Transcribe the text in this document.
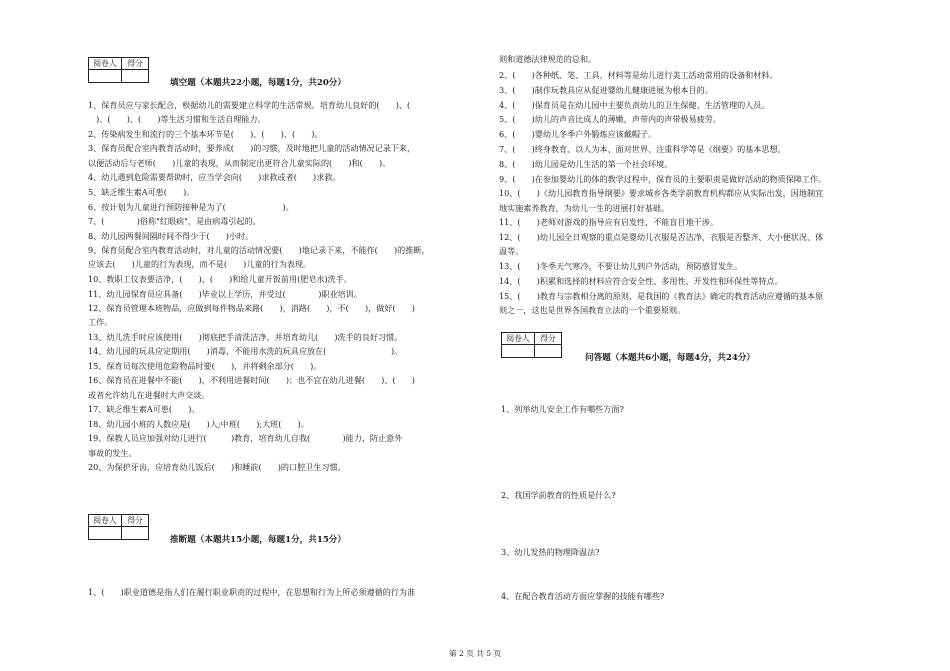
阅卷人	得分

填空题（本题共22小题，每题1分，共20分）
1、保育员应与家长配合，根据幼儿的需要建立科学的生活常规。培育幼儿良好的(　　)、(
　)、(　　)、(　　)等生活习惯和生活自理能力。
2、传染病发生和流行的三个基本环节是(　　)、(　　)、(　　)。
3、保育员配合室内教育活动时，要养成(　　)的习惯，及时地把儿童的活动情况记录下来，
以便活动后与老师(　　)儿童的表现，从而制定出更符合儿童实际的(　　)和(　　)。
4、幼儿遇到危险需要帮助时，应当学会向(　　)求救或者(　　)求救。
5、缺乏维生素A可患(　　)。
6、按计划为儿童进行预防接种是为了(　　　　　　　)。
7、(　　　　)俗称"红眼病"，是由病毒引起的。
8、幼儿园两餐间隔时间不得少于(　　)小时。
9、保育员配合室内教育活动时，对儿童的活动情况要(　　)地记录下来，不能作(　　)的推断，
应该去(　　)儿童的行为表现，而不是(　　)儿童的行为表现。
10、教职工仪表要洁净，(　　)、(　　)和给儿童开饭前用(肥皂水)洗手。
11、幼儿园保育员应具备(　　)毕业以上学历，并受过(　　　　)职业培训。
12、保育员管理本班物品，应做到每件物品来路(　　)，消路(　　)，不(　　)，做好(　　)
工作。
13、幼儿洗手时应该使用(　　)彻底把手清洗洁净，并培育幼儿(　　)洗手的良好习惯。
14、幼儿园的玩具应定期用(　　)消毒，不能用水洗的玩具应放在(　　　　　　　　)。
15、保育员每次使用危险物品时要(　　)，并将剩余部分(　　)。
16、保育员在进餐中不能(　　)，不利用进餐时间(　　)；也不宜在幼儿进餐(　　)、(　　)
或者允许幼儿在进餐时大声交谈。
17、缺乏维生素A可患(　　)。
18、幼儿园小班的人数应是(　　)人;中班(　　);大班(　　)。
19、保教人员应加强对幼儿进行(　　　)教育，培育幼儿自我(　　　　)能力，防止意外
事故的发生。
20、为保护牙齿，应培育幼儿饭后(　　)和睡前(　　)的口腔卫生习惯。
阅卷人	得分

推断题（本题共15小题，每题1分，共15分）
1、(　　)职业道德是指人们在履行职业职责的过程中，在思想和行为上所必须遵循的行为准
则和道德法律规范的总和。
2、(　　)各种纸、笔、工具、材料等是幼儿进行美工活动常用的设备和材料。
3、(　　)制作玩教具应从促进婴幼儿健康进展为根本目的。
4、(　　)保育员是在幼儿园中主要负责幼儿的卫生保健、生活管理的人员。
5、(　　)幼儿的声音比成人的薄嫩，声带内的声带极易疲劳。
6、(　　)婴幼儿冬季户外锻炼应该戴帽子。
7、(　　)终身教育、以人为本、面对世界、注重科学等是《纲要》的基本思想。
8、(　　)幼儿园是幼儿生活的第一个社会环境。
9、(　　)在参加婴幼儿的体的教学过程中，保育员的主要职责是做好活动的物质保障工作。
10、(　　)《幼儿园教育指导纲要》要求城乡各类学前教育机构都应从实际出发，因地制宜
地实施素养教育，为幼儿一生的进展打好基础。
11、(　　)老师对游戏的指导应有启发性，不能盲目地干涉。
12、(　　)幼儿园全日观察的重点是婴幼儿衣服是否洁净、衣服是否整齐、大小便状况、体
温等。
13、(　　)冬季天气寒冷，不要让幼儿到户外活动，预防感冒发生。
14、(　　)积累和选择的材料应符合安全性、多用性、开发性和环保性等特点。
15、(　　)教育与宗教相分离的原则，是我国的《教育法》确定的教育活动应遵循的基本原
则之一，这也是世界各国教育立法的一个重要原则。
阅卷人	得分

问答题（本题共6小题，每题4分，共24分）
1、列举幼儿安全工作有哪些方面?
2、我国学前教育的性质是什么?
3、幼儿发热的物理降温法?
4、在配合教育活动方面应掌握的技能有哪些?
第 2 页 共 5 页
